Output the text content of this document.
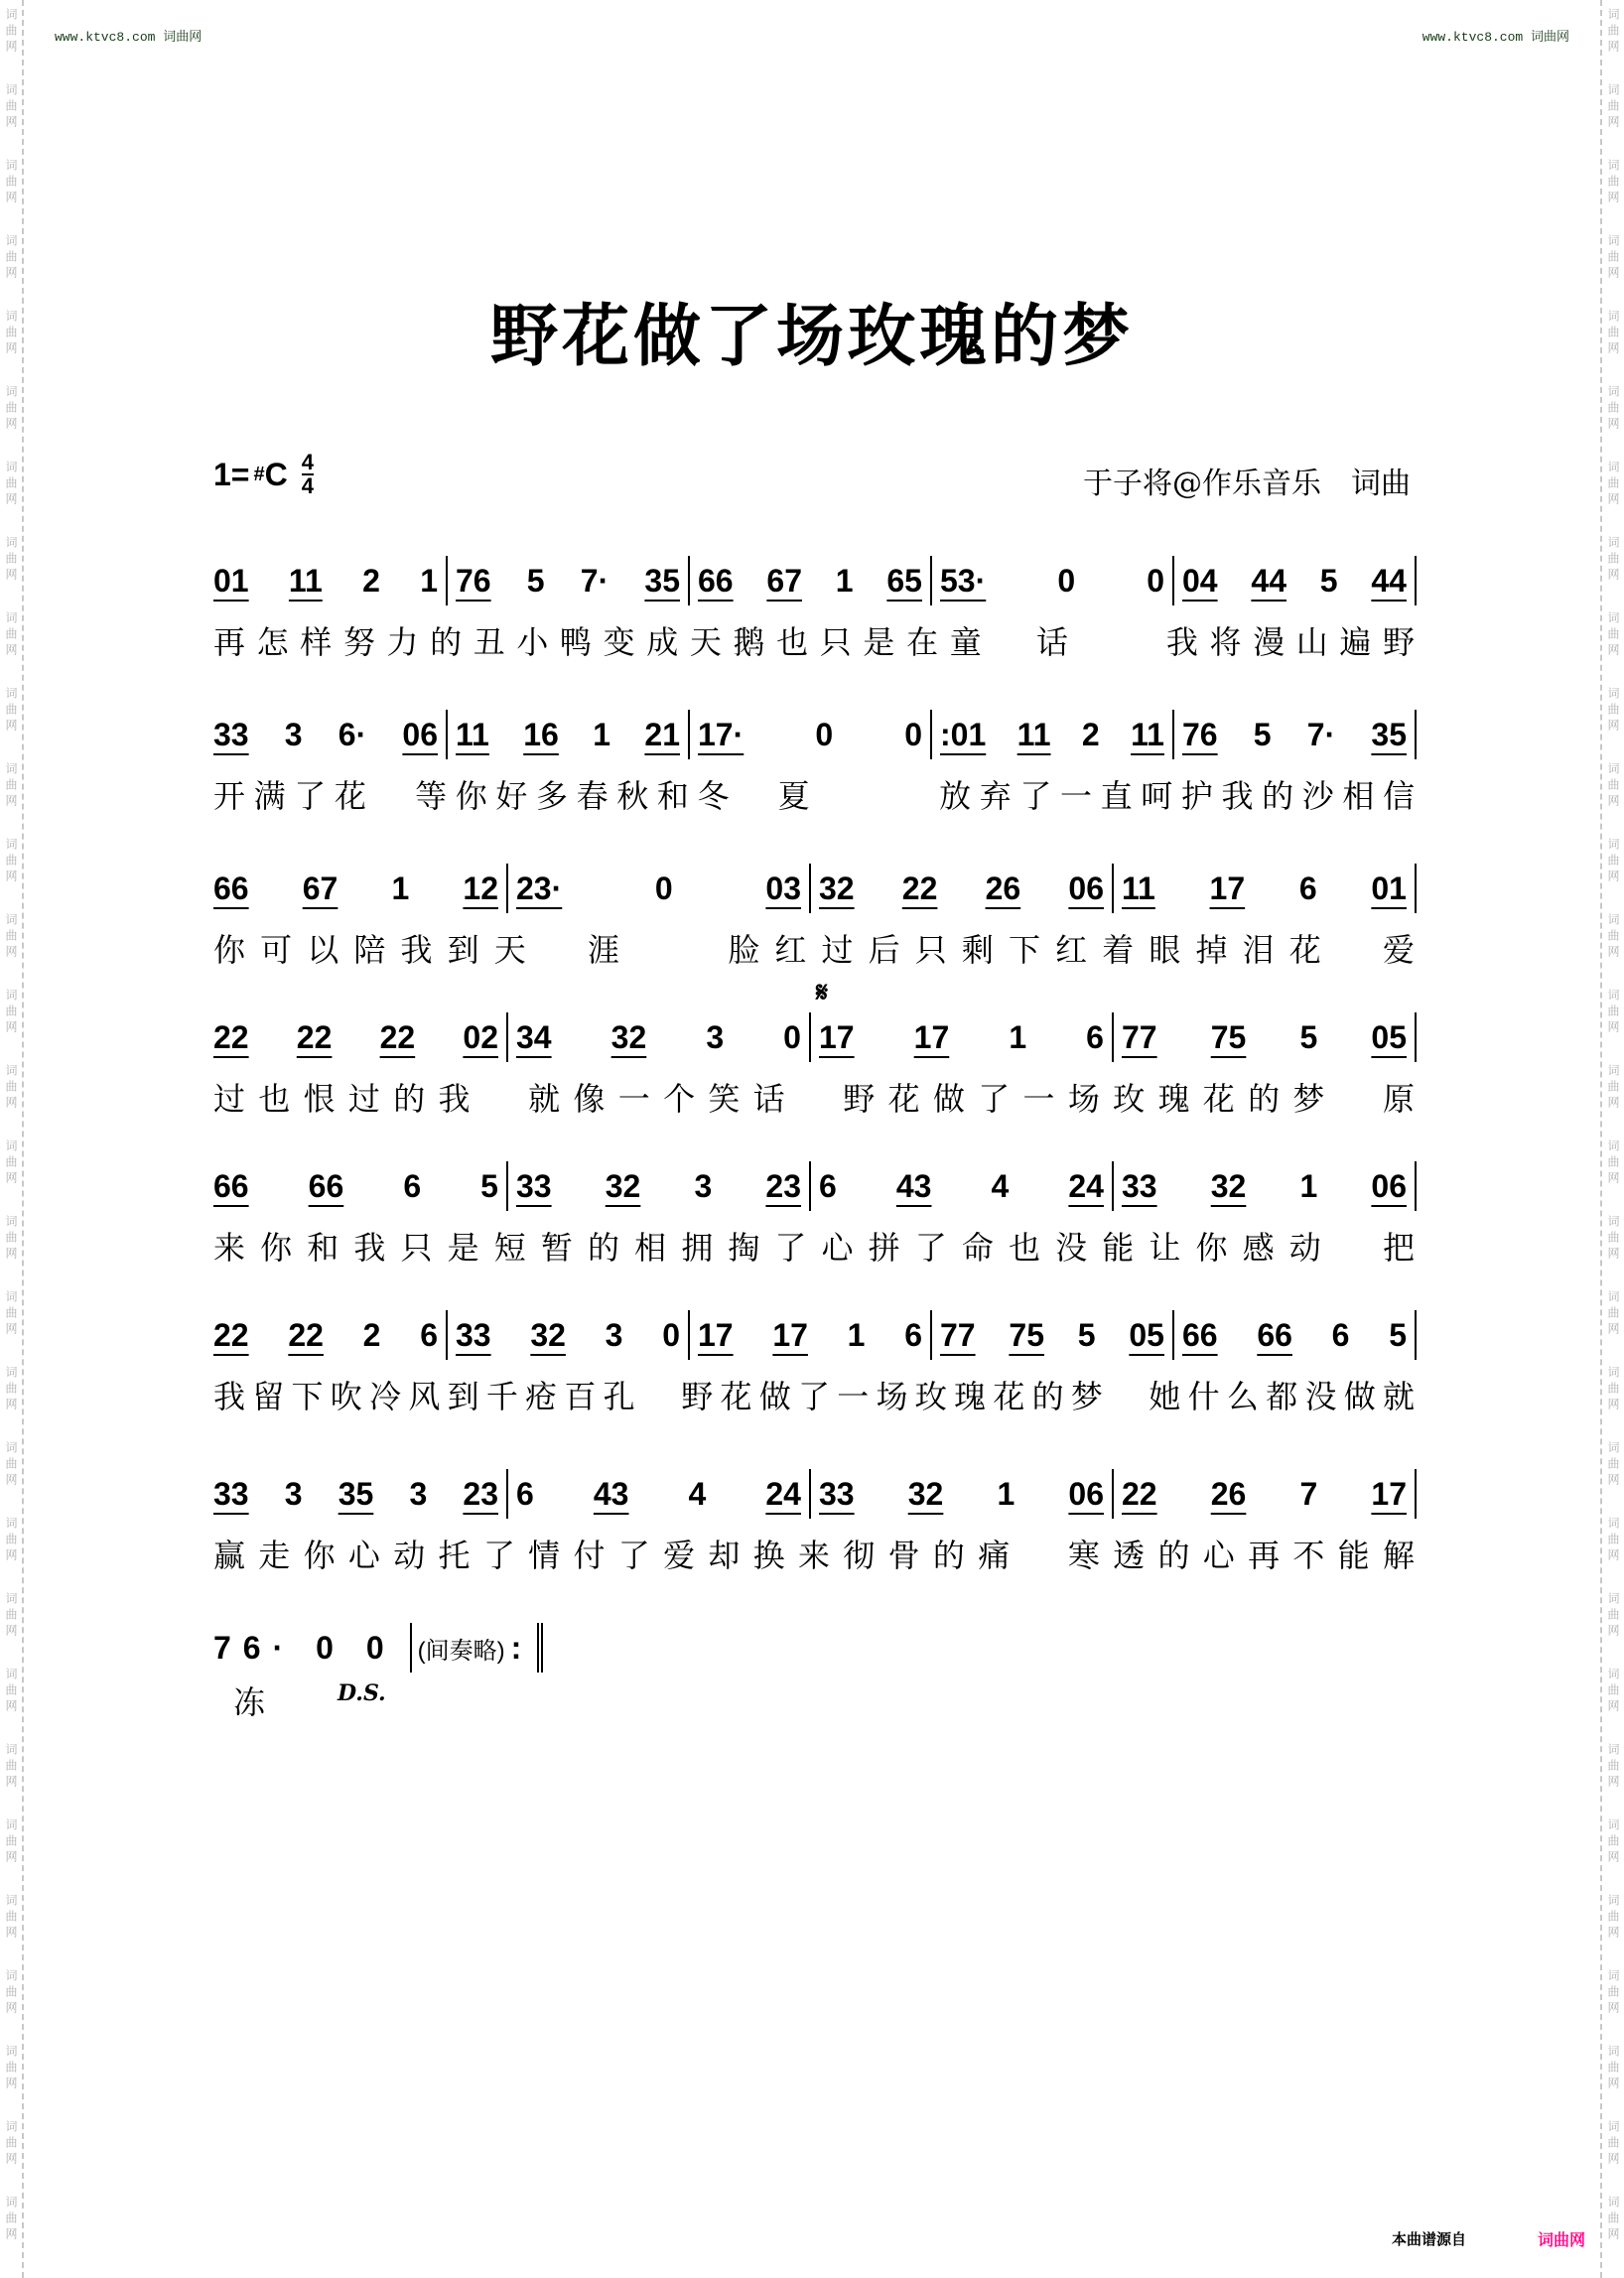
词曲网
词曲网
词曲网
词曲网
词曲网
词曲网
词曲网
词曲网
词曲网
词曲网
词曲网
词曲网
词曲网
词曲网
词曲网
词曲网
词曲网
词曲网
词曲网
词曲网
词曲网
词曲网
词曲网
词曲网
词曲网
词曲网
词曲网
词曲网
词曲网
词曲网
词曲网
词曲网
词曲网
词曲网
词曲网
词曲网
词曲网
词曲网
词曲网
词曲网
词曲网
词曲网
词曲网
词曲网
词曲网
词曲网
词曲网
词曲网
词曲网
词曲网
词曲网
词曲网
词曲网
词曲网
词曲网
词曲网
词曲网
词曲网
词曲网
词曲网
www.ktvc8.com 词曲网	www.ktvc8.com 词曲网
野花做了场玫瑰的梦
1= # C $\frac{4}{4}$	于子将@作乐音乐　词曲
01 11 2 1 76 5 7· 35 66 67 1 65 53· 0 0 04 44 5 44
再怎样努力的丑小鸭变成天鹅也只是在童　话　　我将漫山遍野
33 3 6· 06 11 16 1 21 17· 0 0 :01 11 2 11 76 5 7· 35
开满了花　等你好多春秋和冬　夏　　　放弃了一直呵护我的沙相信
66 67 1 12 23·	0	03 32 22 26 06 11 17 6 01
你可以陪我到天　涯　　脸红过后只剩下红着眼掉泪花　爱
22 22 22 02 34 32 3 0 17 17 1 6 77 75 5 05
过也恨过的我　就像一个笑话　野花做了一场玫瑰花的梦　原
66 66 6 5 33 32 3 23 6 43 4 24 33 32 1 06
来你和我只是短暂的相拥掏了心拼了命也没能让你感动　把
22 22 2 6 33 32 3 0 17 17 1 6 77 75 5 05 66 66 6 5
我留下吹冷风到千疮百孔　野花做了一场玫瑰花的梦　她什么都没做就
33 3 35 3 23 6 43 4 24 33 32 1 06 22 26 7 17
赢走你心动托了情付了爱却换来彻骨的痛　寒透的心再不能解
𝄋
76· 0 0 (间奏略) :
冻	D.S.
本曲谱源自	词曲网
